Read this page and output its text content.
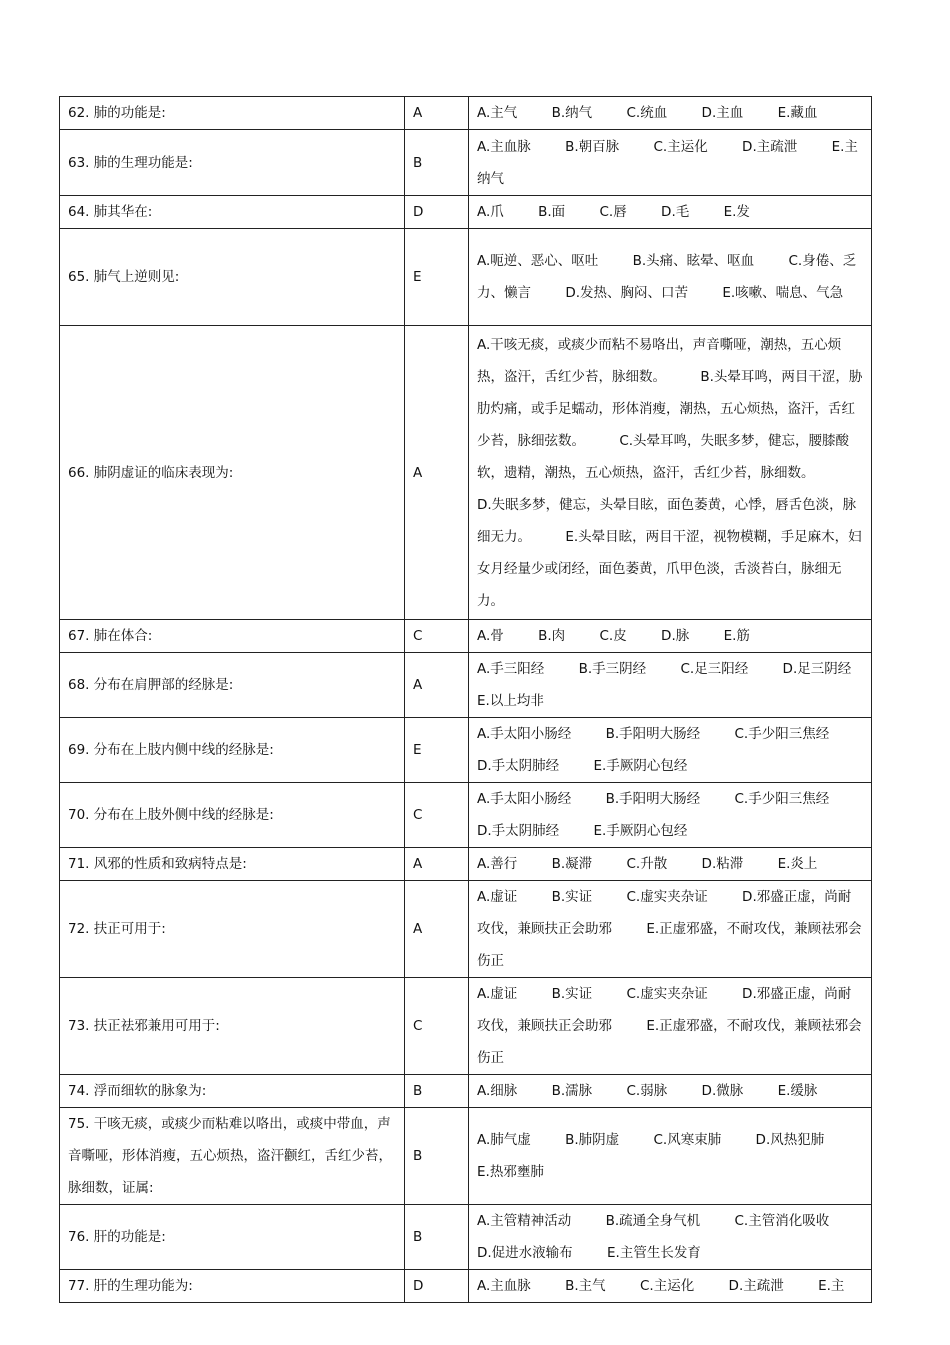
62. 肺的功能是:	A	A.主气        B.纳气        C.统血        D.主血        E.藏血
63. 肺的生理功能是:	B	A.主血脉        B.朝百脉        C.主运化        D.主疏泄        E.主纳气
64. 肺其华在:	D	A.爪        B.面        C.唇        D.毛        E.发
65. 肺气上逆则见:	E	A.呃逆、恶心、呕吐        B.头痛、眩晕、呕血        C.身倦、乏力、懒言        D.发热、胸闷、口苦        E.咳嗽、喘息、气急
66. 肺阴虚证的临床表现为:	A	A.干咳无痰，或痰少而粘不易咯出，声音嘶哑，潮热，五心烦热，盗汗，舌红少苔，脉细数。        B.头晕耳鸣，两目干涩，胁肋灼痛，或手足蠕动，形体消瘦，潮热，五心烦热，盗汗，舌红少苔，脉细弦数。        C.头晕耳鸣，失眠多梦，健忘，腰膝酸软，遗精，潮热，五心烦热，盗汗，舌红少苔，脉细数。        D.失眠多梦，健忘，头晕目眩，面色萎黄，心悸，唇舌色淡，脉细无力。        E.头晕目眩，两目干涩，视物模糊，手足麻木，妇女月经量少或闭经，面色萎黄，爪甲色淡，舌淡苔白，脉细无力。
67. 肺在体合:	C	A.骨        B.肉        C.皮        D.脉        E.筋
68. 分布在肩胛部的经脉是:	A	A.手三阳经        B.手三阴经        C.足三阳经        D.足三阴经        E.以上均非
69. 分布在上肢内侧中线的经脉是:	E	A.手太阳小肠经        B.手阳明大肠经        C.手少阳三焦经        D.手太阴肺经        E.手厥阴心包经
70. 分布在上肢外侧中线的经脉是:	C	A.手太阳小肠经        B.手阳明大肠经        C.手少阳三焦经        D.手太阴肺经        E.手厥阴心包经
71. 风邪的性质和致病特点是:	A	A.善行        B.凝滞        C.升散        D.粘滞        E.炎上
72. 扶正可用于:	A	A.虚证        B.实证        C.虚实夹杂证        D.邪盛正虚，尚耐攻伐，兼顾扶正会助邪        E.正虚邪盛，不耐攻伐，兼顾祛邪会伤正
73. 扶正祛邪兼用可用于:	C	A.虚证        B.实证        C.虚实夹杂证        D.邪盛正虚，尚耐攻伐，兼顾扶正会助邪        E.正虚邪盛，不耐攻伐，兼顾祛邪会伤正
74. 浮而细软的脉象为:	B	A.细脉        B.濡脉        C.弱脉        D.微脉        E.缓脉
75. 干咳无痰，或痰少而粘难以咯出，或痰中带血，声音嘶哑，形体消瘦，五心烦热，盗汗颧红，舌红少苔，脉细数，证属:	B	A.肺气虚        B.肺阴虚        C.风寒束肺        D.风热犯肺        E.热邪壅肺
76. 肝的功能是:	B	A.主管精神活动        B.疏通全身气机        C.主管消化吸收        D.促进水液输布        E.主管生长发育
77. 肝的生理功能为:	D	A.主血脉        B.主气        C.主运化        D.主疏泄        E.主
